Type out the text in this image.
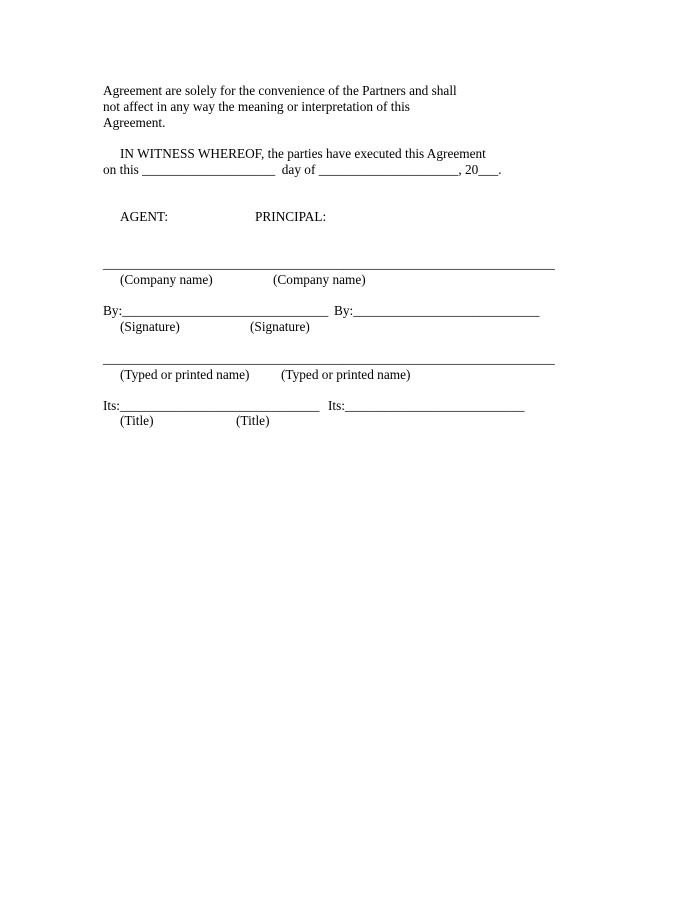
Agreement are solely for the convenience of the Partners and shall
not affect in any way the meaning or interpretation of this
Agreement.
IN WITNESS WHEREOF, the parties have executed this Agreement
on this ____________________  day of _____________________, 20___.
AGENT:	PRINCIPAL:
____________________________________ ________________________________
(Company name)	(Company name)
By:_______________________________ By:____________________________
(Signature)	(Signature)
____________________________________ ________________________________
(Typed or printed name) (Typed or printed name)
Its:______________________________ Its:___________________________
(Title)	(Title)
